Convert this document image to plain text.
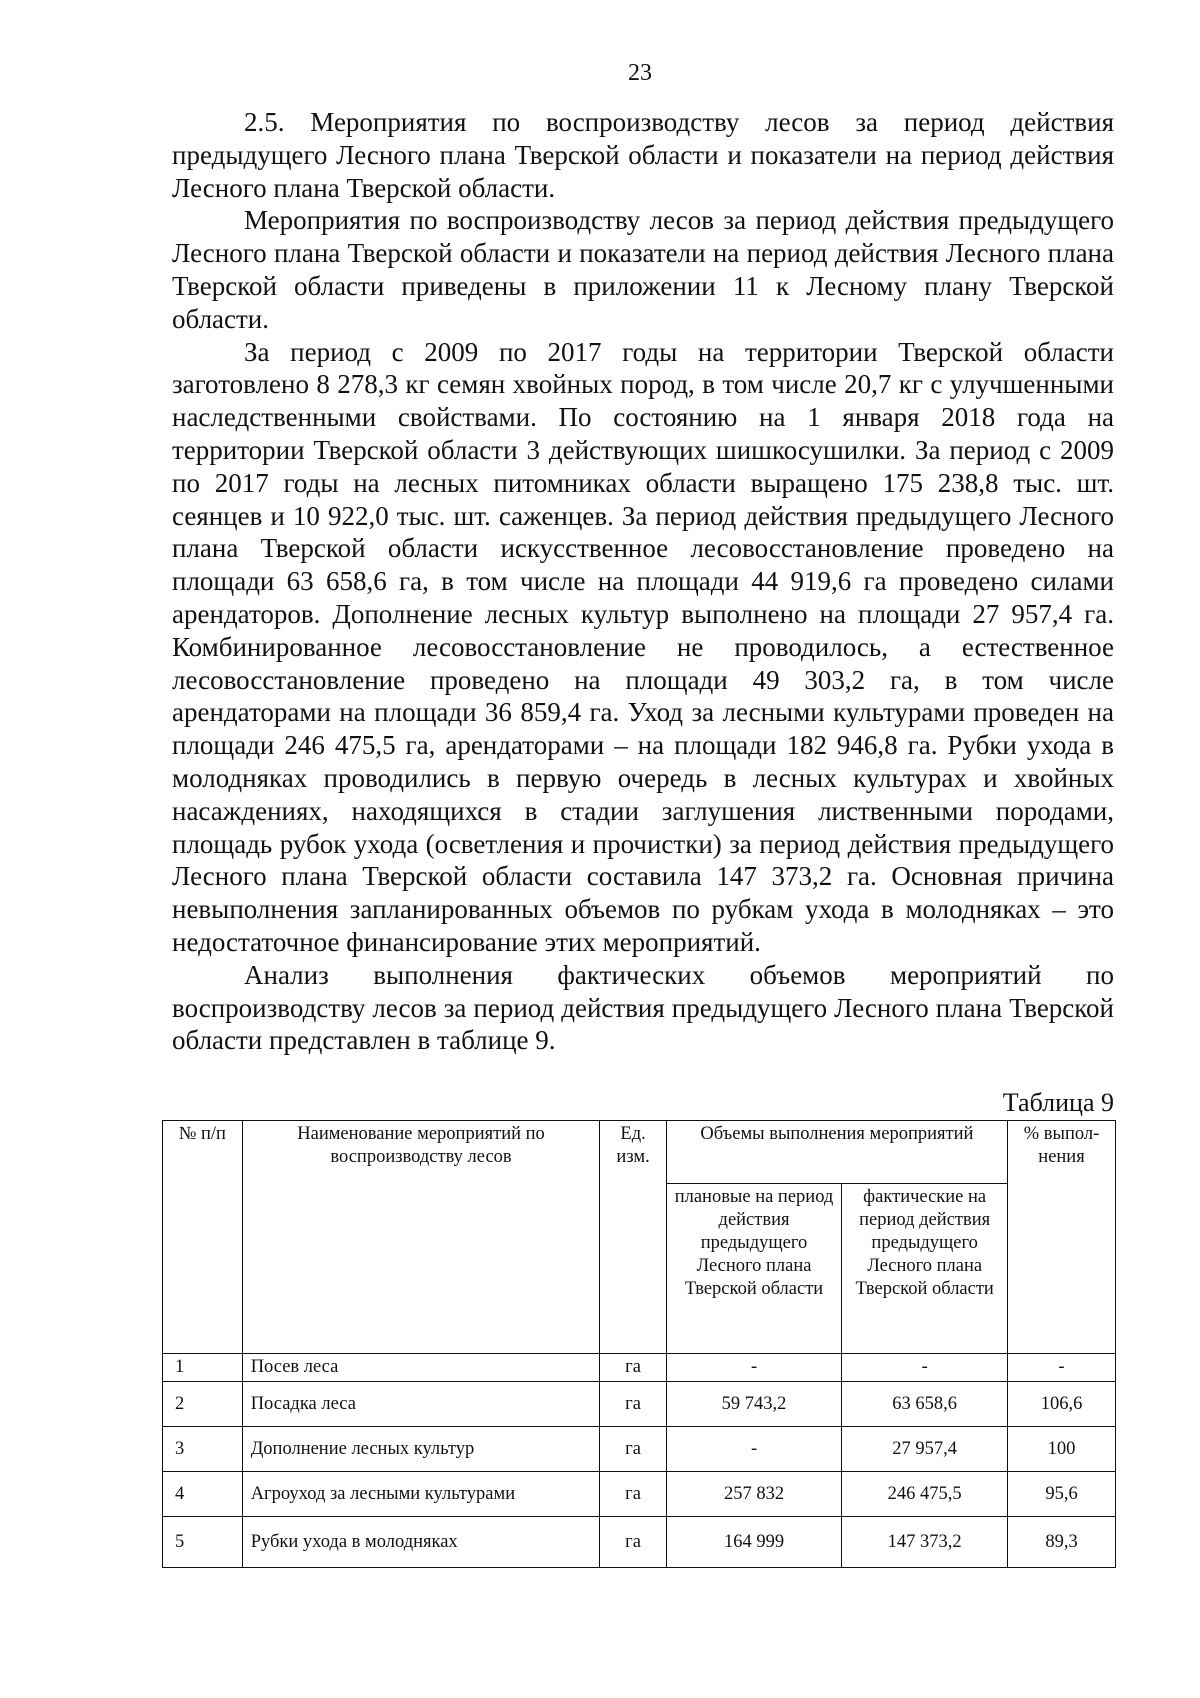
23

2.5. Мероприятия по воспроизводству лесов за период действия предыдущего Лесного плана Тверской области и показатели на период действия Лесного плана Тверской области.

Мероприятия по воспроизводству лесов за период действия предыдущего Лесного плана Тверской области и показатели на период действия Лесного плана Тверской области приведены в приложении 11 к Лесному плану Тверской области.

За период с 2009 по 2017 годы на территории Тверской области заготовлено 8 278,3 кг семян хвойных пород, в том числе 20,7 кг с улучшенными наследственными свойствами. По состоянию на 1 января 2018 года на территории Тверской области 3 действующих шишкосушилки. За период с 2009 по 2017 годы на лесных питомниках области выращено 175 238,8 тыс. шт. сеянцев и 10 922,0 тыс. шт. саженцев. За период действия предыдущего Лесного плана Тверской области искусственное лесовосстановление проведено на площади 63 658,6 га, в том числе на площади 44 919,6 га проведено силами арендаторов. Дополнение лесных культур выполнено на площади 27 957,4 га. Комбинированное лесовосстановление не проводилось, а естественное лесовосстановление проведено на площади 49 303,2 га, в том числе арендаторами на площади 36 859,4 га. Уход за лесными культурами проведен на площади 246 475,5 га, арендаторами – на площади 182 946,8 га. Рубки ухода в молодняках проводились в первую очередь в лесных культурах и хвойных насаждениях, находящихся в стадии заглушения лиственными породами, площадь рубок ухода (осветления и прочистки) за период действия предыдущего Лесного плана Тверской области составила 147 373,2 га. Основная причина невыполнения запланированных объемов по рубкам ухода в молодняках – это недостаточное финансирование этих мероприятий.

Анализ выполнения фактических объемов мероприятий по воспроизводству лесов за период действия предыдущего Лесного плана Тверской области представлен в таблице 9.

Таблица 9
№ п/п	Наименование мероприятий по воспроизводству лесов	Ед. изм.	Объемы выполнения мероприятий		% выпол-нения
			плановые на период действия предыдущего Лесного плана Тверской области	фактические на период действия предыдущего Лесного плана Тверской области	
1	Посев леса	га	-	-	-
2	Посадка леса	га	59 743,2	63 658,6	106,6
3	Дополнение лесных культур	га	-	27 957,4	100
4	Агроуход за лесными культурами	га	257 832	246 475,5	95,6
5	Рубки ухода в молодняках	га	164 999	147 373,2	89,3
